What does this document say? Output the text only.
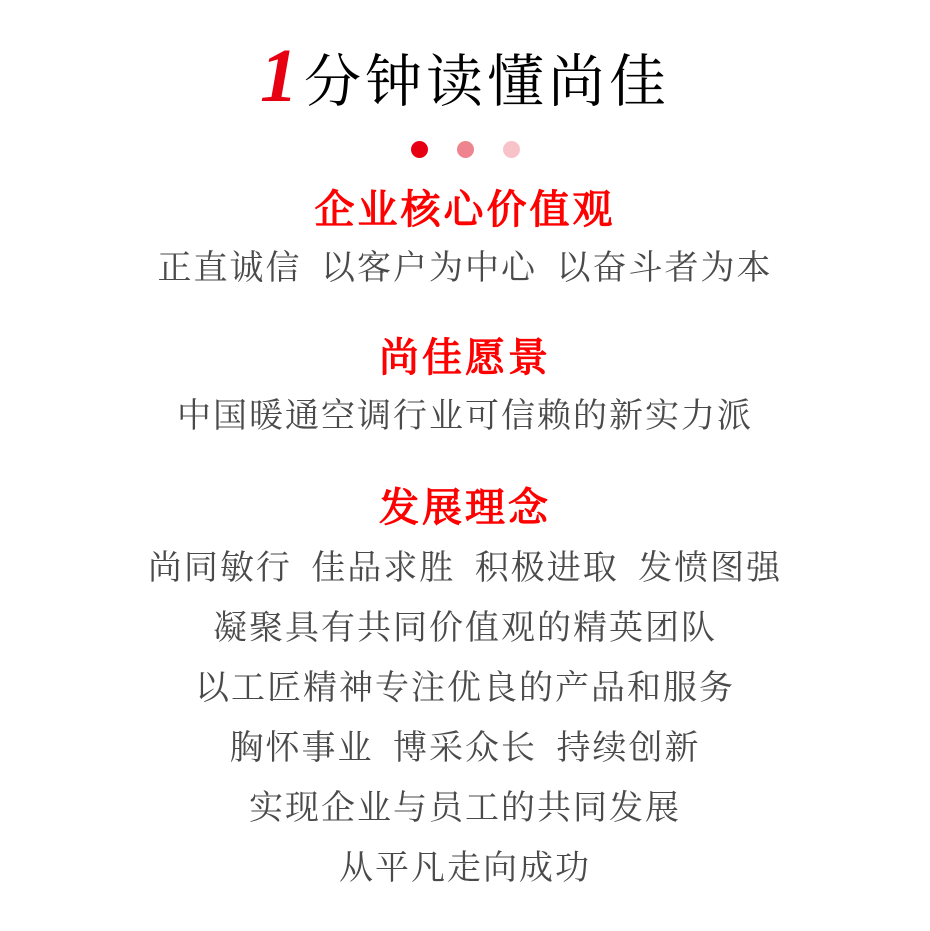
1 分钟读懂尚佳
企业核心价值观

正直诚信 以客户为中心 以奋斗者为本

尚佳愿景

中国暖通空调行业可信赖的新实力派

发展理念

尚同敏行 佳品求胜 积极进取 发愤图强

凝聚具有共同价值观的精英团队

以工匠精神专注优良的产品和服务

胸怀事业 博采众长 持续创新

实现企业与员工的共同发展

从平凡走向成功
